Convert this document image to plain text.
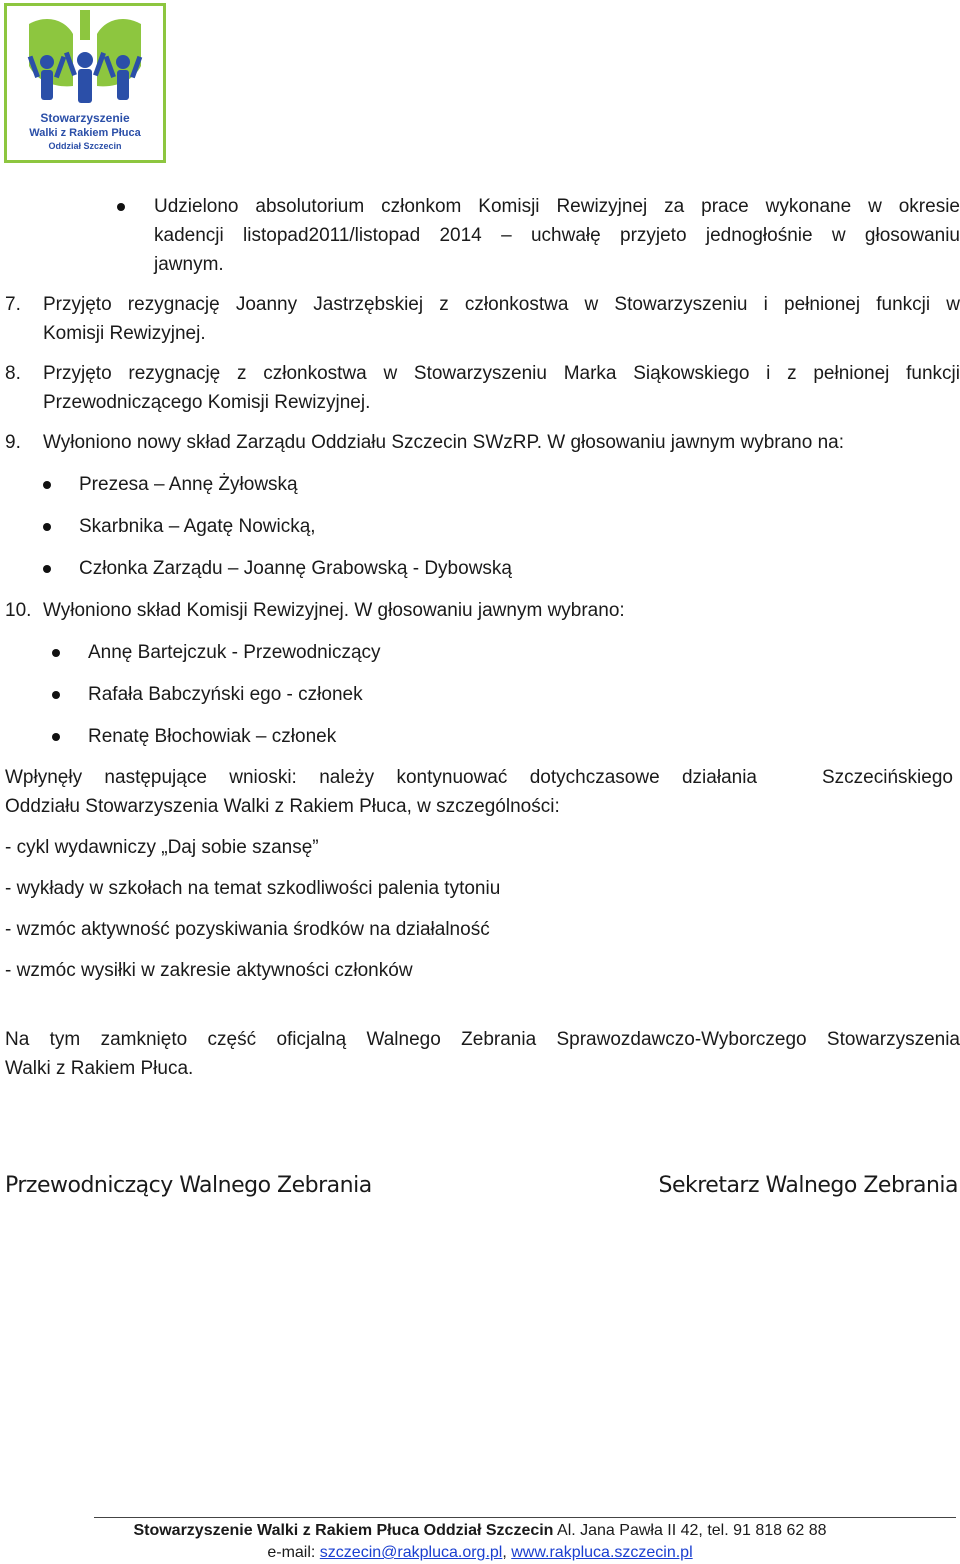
Stowarzyszenie
Walki z Rakiem Płuca
Oddział Szczecin
Udzielono absolutorium członkom Komisji Rewizyjnej za prace wykonane w okresie
kadencji listopad2011/listopad 2014 – uchwałę przyjeto jednogłośnie w głosowaniu
jawnym.
7. Przyjęto rezygnację Joanny Jastrzębskiej z członkostwa w Stowarzyszeniu i pełnionej funkcji w
Komisji Rewizyjnej.
8. Przyjęto rezygnację z członkostwa w Stowarzyszeniu Marka Siąkowskiego i z pełnionej funkcji
Przewodniczącego Komisji Rewizyjnej.
9. Wyłoniono nowy skład Zarządu Oddziału Szczecin SWzRP. W głosowaniu jawnym wybrano na:
Prezesa – Annę Żyłowską
Skarbnika – Agatę Nowicką,
Członka Zarządu – Joannę Grabowską - Dybowską
10. Wyłoniono skład Komisji Rewizyjnej. W głosowaniu jawnym wybrano:
Annę Bartejczuk - Przewodniczący
Rafała Babczyński ego - członek
Renatę Błochowiak – członek
Wpłynęły następujące wnioski: należy kontynuować dotychczasowe działania	Szczecińskiego
Oddziału Stowarzyszenia Walki z Rakiem Płuca, w szczególności:
- cykl wydawniczy „Daj sobie szansę”
- wykłady w szkołach na temat szkodliwości palenia tytoniu
- wzmóc aktywność pozyskiwania środków na działalność
- wzmóc wysiłki w zakresie aktywności członków
Na tym zamknięto część oficjalną Walnego Zebrania Sprawozdawczo-Wyborczego Stowarzyszenia
Walki z Rakiem Płuca.
Przewodniczący Walnego Zebrania	Sekretarz Walnego Zebrania
Stowarzyszenie Walki z Rakiem Płuca Oddział Szczecin Al. Jana Pawła II 42, tel. 91 818 62 88
e-mail: szczecin@rakpluca.org.pl, www.rakpluca.szczecin.pl
